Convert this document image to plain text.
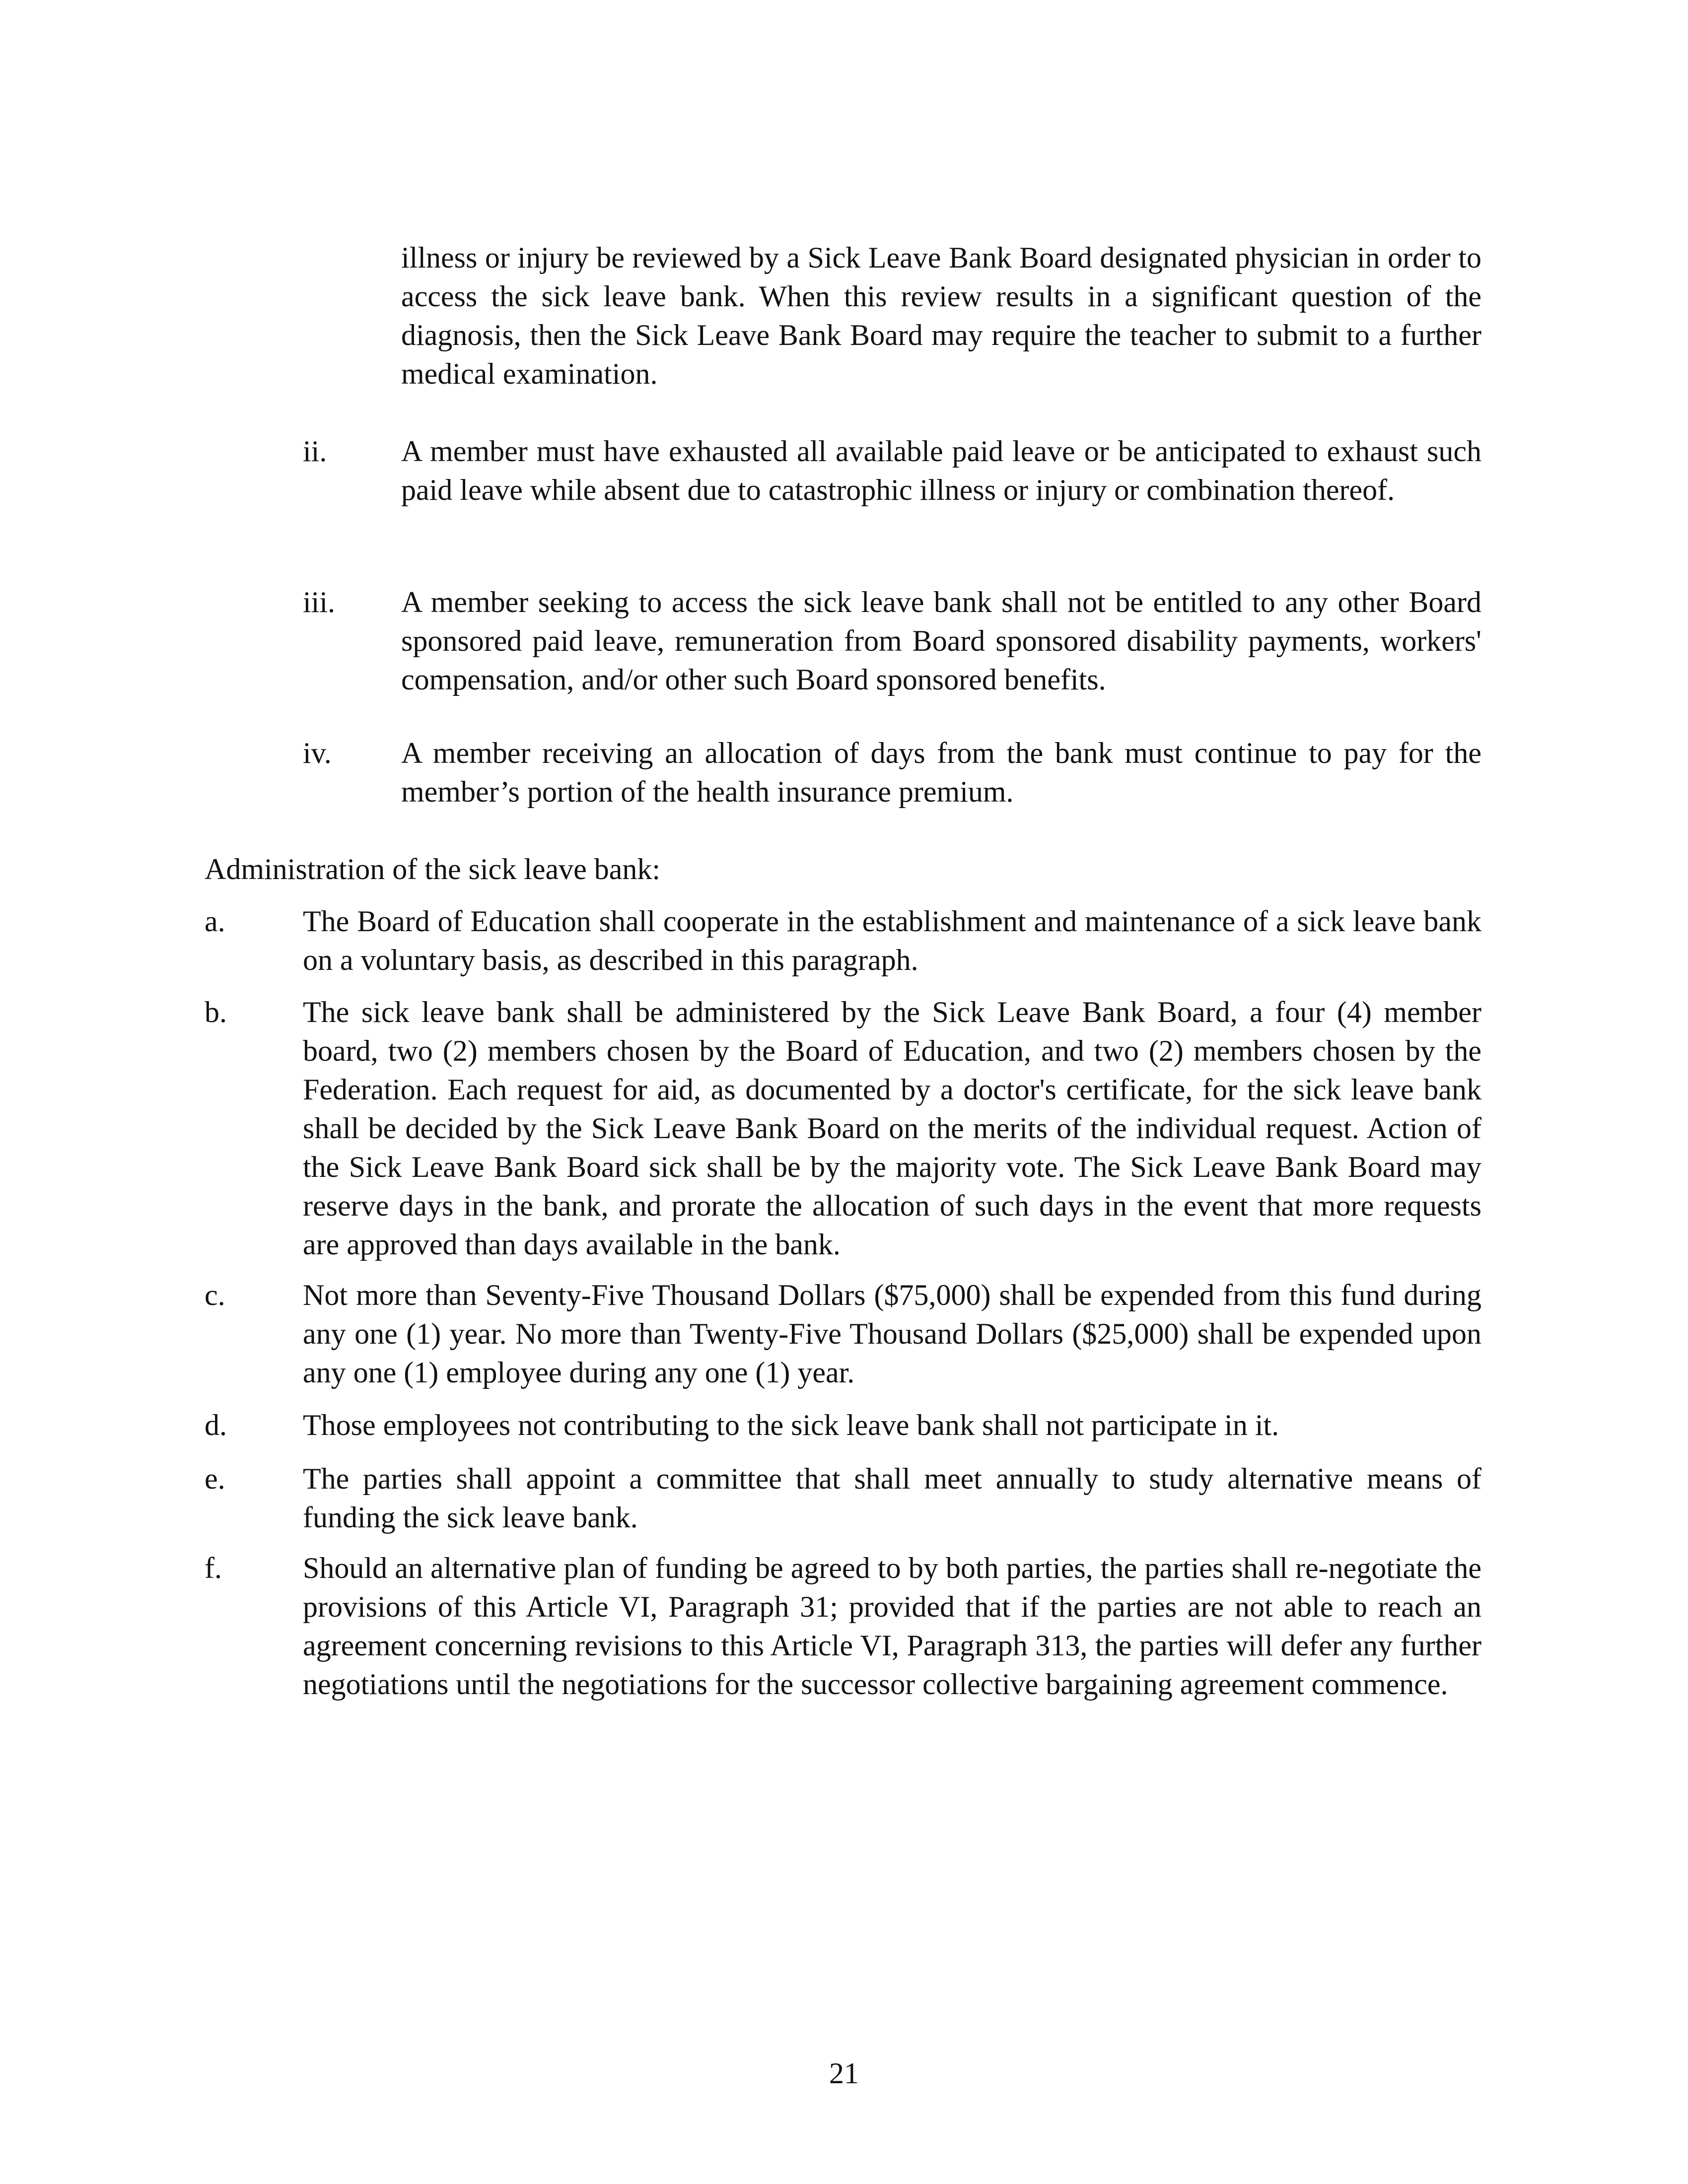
illness or injury be reviewed by a Sick Leave Bank Board designated physician in order to access the sick leave bank. When this review results in a significant question of the diagnosis, then the Sick Leave Bank Board may require the teacher to submit to a further medical examination.
ii. A member must have exhausted all available paid leave or be anticipated to exhaust such paid leave while absent due to catastrophic illness or injury or combination thereof.
iii. A member seeking to access the sick leave bank shall not be entitled to any other Board sponsored paid leave, remuneration from Board sponsored disability payments, workers' compensation, and/or other such Board sponsored benefits.
iv. A member receiving an allocation of days from the bank must continue to pay for the member’s portion of the health insurance premium.
Administration of the sick leave bank:
a.	The Board of Education shall cooperate in the establishment and maintenance of a sick leave bank on a voluntary basis, as described in this paragraph.
b.	The sick leave bank shall be administered by the Sick Leave Bank Board, a four (4) member board, two (2) members chosen by the Board of Education, and two (2) members chosen by the Federation. Each request for aid, as documented by a doctor's certificate, for the sick leave bank shall be decided by the Sick Leave Bank Board on the merits of the individual request. Action of the Sick Leave Bank Board sick shall be by the majority vote. The Sick Leave Bank Board may reserve days in the bank, and prorate the allocation of such days in the event that more requests are approved than days available in the bank.
c.	Not more than Seventy-Five Thousand Dollars ($75,000) shall be expended from this fund during any one (1) year. No more than Twenty-Five Thousand Dollars ($25,000) shall be expended upon any one (1) employee during any one (1) year.
d.	Those employees not contributing to the sick leave bank shall not participate in it.
e.	The parties shall appoint a committee that shall meet annually to study alternative means of funding the sick leave bank.
f.	Should an alternative plan of funding be agreed to by both parties, the parties shall re-negotiate the provisions of this Article VI, Paragraph 31; provided that if the parties are not able to reach an agreement concerning revisions to this Article VI, Paragraph 313, the parties will defer any further negotiations until the negotiations for the successor collective bargaining agreement commence.
21
